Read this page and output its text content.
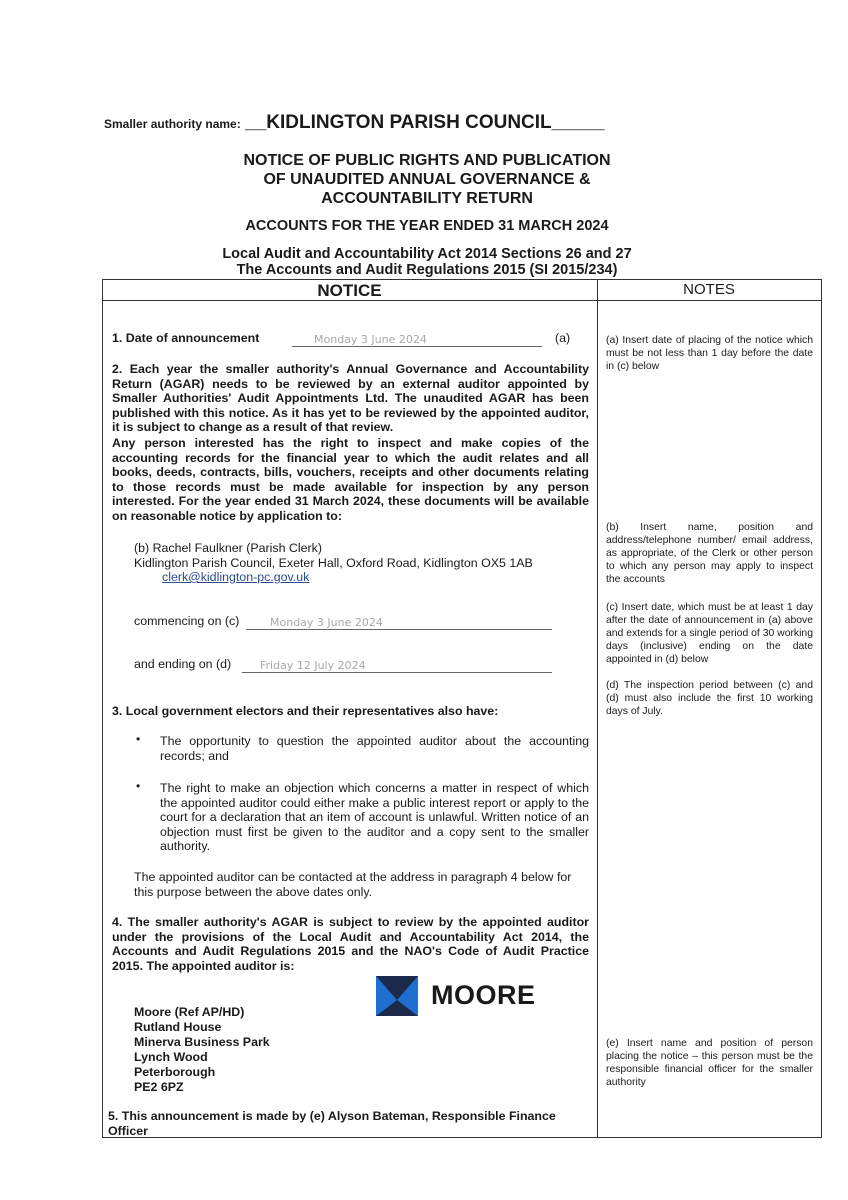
Smaller authority name: __KIDLINGTON PARISH COUNCIL_____
NOTICE OF PUBLIC RIGHTS AND PUBLICATION
OF UNAUDITED ANNUAL GOVERNANCE &
ACCOUNTABILITY RETURN
ACCOUNTS FOR THE YEAR ENDED 31 MARCH 2024
Local Audit and Accountability Act 2014 Sections 26 and 27
The Accounts and Audit Regulations 2015 (SI 2015/234)
NOTICE	NOTES
1. Date of announcement	Monday 3 June 2024	(a)
2. Each year the smaller authority's Annual Governance and Accountability Return (AGAR) needs to be reviewed by an external auditor appointed by Smaller Authorities' Audit Appointments Ltd. The unaudited AGAR has been published with this notice. As it has yet to be reviewed by the appointed auditor, it is subject to change as a result of that review.
Any person interested has the right to inspect and make copies of the accounting records for the financial year to which the audit relates and all books, deeds, contracts, bills, vouchers, receipts and other documents relating to those records must be made available for inspection by any person interested. For the year ended 31 March 2024, these documents will be available on reasonable notice by application to:
(b) Rachel Faulkner (Parish Clerk)
Kidlington Parish Council, Exeter Hall, Oxford Road, Kidlington OX5 1AB
clerk@kidlington-pc.gov.uk
commencing on (c)	Monday 3 June 2024
and ending on (d)	Friday 12 July 2024
3. Local government electors and their representatives also have:
• The opportunity to question the appointed auditor about the accounting records; and
• The right to make an objection which concerns a matter in respect of which the appointed auditor could either make a public interest report or apply to the court for a declaration that an item of account is unlawful. Written notice of an objection must first be given to the auditor and a copy sent to the smaller authority.
The appointed auditor can be contacted at the address in paragraph 4 below for this purpose between the above dates only.
4. The smaller authority's AGAR is subject to review by the appointed auditor under the provisions of the Local Audit and Accountability Act 2014, the Accounts and Audit Regulations 2015 and the NAO's Code of Audit Practice 2015. The appointed auditor is:
MOORE
Moore (Ref AP/HD)
Rutland House
Minerva Business Park
Lynch Wood
Peterborough
PE2 6PZ
5. This announcement is made by (e) Alyson Bateman, Responsible Finance Officer
(a) Insert date of placing of the notice which must be not less than 1 day before the date in (c) below
(b) Insert name, position and address/telephone number/ email address, as appropriate, of the Clerk or other person to which any person may apply to inspect the accounts
(c) Insert date, which must be at least 1 day after the date of announcement in (a) above and extends for a single period of 30 working days (inclusive) ending on the date appointed in (d) below
(d) The inspection period between (c) and (d) must also include the first 10 working days of July.
(e) Insert name and position of person placing the notice – this person must be the responsible financial officer for the smaller authority
